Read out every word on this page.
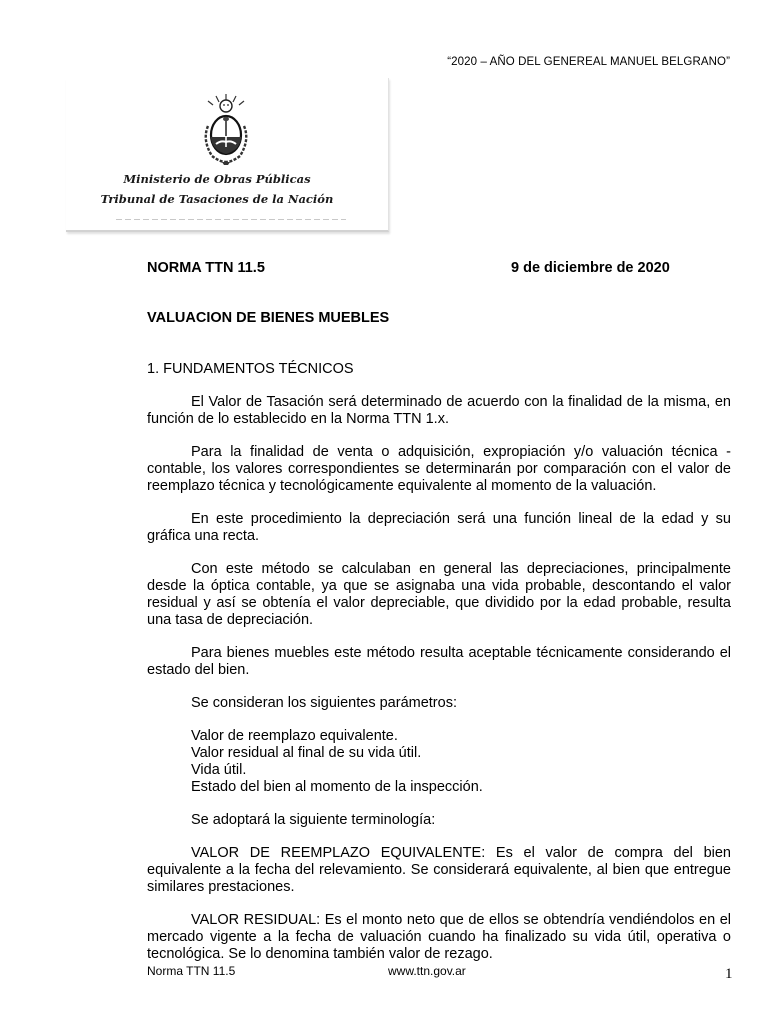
“2020 – AÑO DEL GENEREAL MANUEL BELGRANO”
Ministerio de Obras Públicas
Tribunal de Tasaciones de la Nación
NORMA TTN 11.5	9 de diciembre de 2020
VALUACION DE BIENES MUEBLES

1. FUNDAMENTOS TÉCNICOS

El Valor de Tasación será determinado de acuerdo con la finalidad de la misma, en función de lo establecido en la Norma TTN 1.x.

Para la finalidad de venta o adquisición, expropiación y/o valuación técnica - contable, los valores correspondientes se determinarán por comparación con el valor de reemplazo técnica y tecnológicamente equivalente al momento de la valuación.

En este procedimiento la depreciación será una función lineal de la edad y su gráfica una recta.

Con este método se calculaban en general las depreciaciones, principalmente desde la óptica contable, ya que se asignaba una vida probable, descontando el valor residual y así se obtenía el valor depreciable, que dividido por la edad probable, resulta una tasa de depreciación.

Para bienes muebles este método resulta aceptable técnicamente considerando el estado del bien.

Se consideran los siguientes parámetros:

Valor de reemplazo equivalente.
Valor residual al final de su vida útil.
Vida útil.
Estado del bien al momento de la inspección.

Se adoptará la siguiente terminología:

VALOR DE REEMPLAZO EQUIVALENTE: Es el valor de compra del bien equivalente a la fecha del relevamiento. Se considerará equivalente, al bien que entregue similares prestaciones.

VALOR RESIDUAL: Es el monto neto que de ellos se obtendría vendiéndolos en el mercado vigente a la fecha de valuación cuando ha finalizado su vida útil, operativa o tecnológica. Se lo denomina también valor de rezago.

Norma TTN 11.5	www.ttn.gov.ar	1
